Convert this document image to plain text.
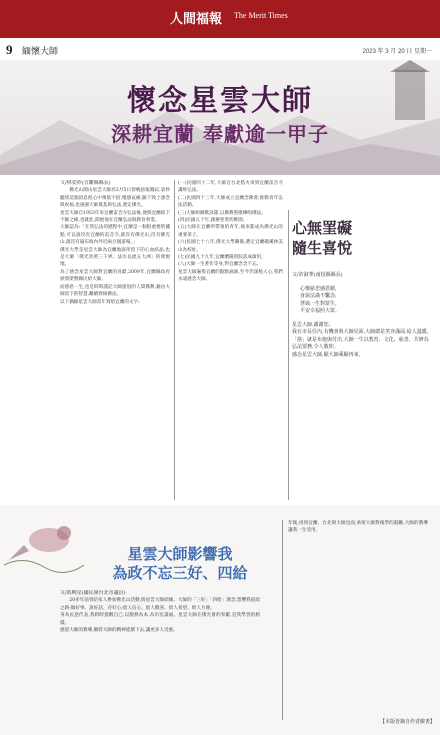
人間福報 The Merit Times
9 緬懷大師	2023 年 3 月 20 日 星期一
懷念星雲大師
深耕宜蘭 奉獻逾一甲子
文/林姿妙(宜蘭縣縣長)

佛光山開山星雲大師於2月5日傍晚捨報圓寂,姿妙聽到這個消息很心中萬般不捨,懷感哀痛,隨下致上感念與祝福,也感謝大師奠基與弘法,奠定佛光。
星雲大師自1953年來宜蘭雷音寺弘法後,便與宜蘭結下不解之緣,也就此,開展他在宜蘭弘法與教育事業。
大師認為:「在我弘法的歷程中,宜蘭是一個很重要的據點,可以說沒有宜蘭的雷音寺,就沒有佛光山;沒有佛光山,就沒有遍布海內外近兩百個道場。」
佛光大學是星雲大師為宜蘭地區所留下的心血結晶,也是大師「佛光普照三千界、法水長流五大洲」的發源地。
為了感念星雲大師對宜蘭的貢獻,2009年,宜蘭縣政府頒發榮譽縣民給大師。
而感恩一生,也是時時謹記大師提倡的人間佛教,藉由大師留下的智慧,繼續發揚佛法。
以下擷錄星雲大師當年寫給宜蘭的文字:

(一)民國四十二年,大師自台北搭火車到宜蘭雷音寺講經弘法。
(二)民國四十三年,大師成立宜蘭念佛會,推動青年弘法活動。
(三)大師組織歌詠隊,以佛教聖歌傳唱佛法。
(四)民國五十年,創辦慈愛幼稚園。
(五)大師在宜蘭所帶領的青年,後來都成為佛光山的重要弟子。
(六)民國七十八年,佛光大學籌備,選定宜蘭礁溪林美山為校址。
(七)民國九十九年,宜蘭蘭陽別院落成啟用。
(八)大師一生著作等身,對宜蘭念念不忘。
星雲大師遍佈宜蘭的點點滴滴,至今仍深植人心,我們永遠感念大師。

心無罣礙
隨生喜悅
文/許淑華(南投縣縣長)
心懷慈悲感恩願,
身說法滿不繫念;
慧風一生對眾生,
平安幸福照大眾。
星雲大師,謝謝您。
我在市長任內,有機會與大師見面,大師總是笑容滿面,給人溫暖。
「捨」就是布施與付出,大師一生以教育、文化、慈善、共修為弘法要務,令人敬仰。
感念星雲大師,願大師乘願再來。
星雲大師影響我
為政不忘三好、四給
文/馮曉星(國民黨台北市議員)

20多年前曾陪家人參加佛光山活動,與星雲大師結緣。大師的「三好」「四給」理念,影響我從政之路:做好事、說好話、存好心;給人信心、給人歡喜、給人希望、給人方便。
身為民意代表,我時時提醒自己,以服務為本,為市民謀福。星雲大師在佛光會的奉獻,是我學習的榜樣。
感恩大師的教導,願將大師的精神延續下去,讓更多人受惠。

年後,再到宜蘭、台北與大師見面,承蒙大師對後學的鼓勵,大師的教導讓我一生受用。

【本版皆摘自作者臉書】
